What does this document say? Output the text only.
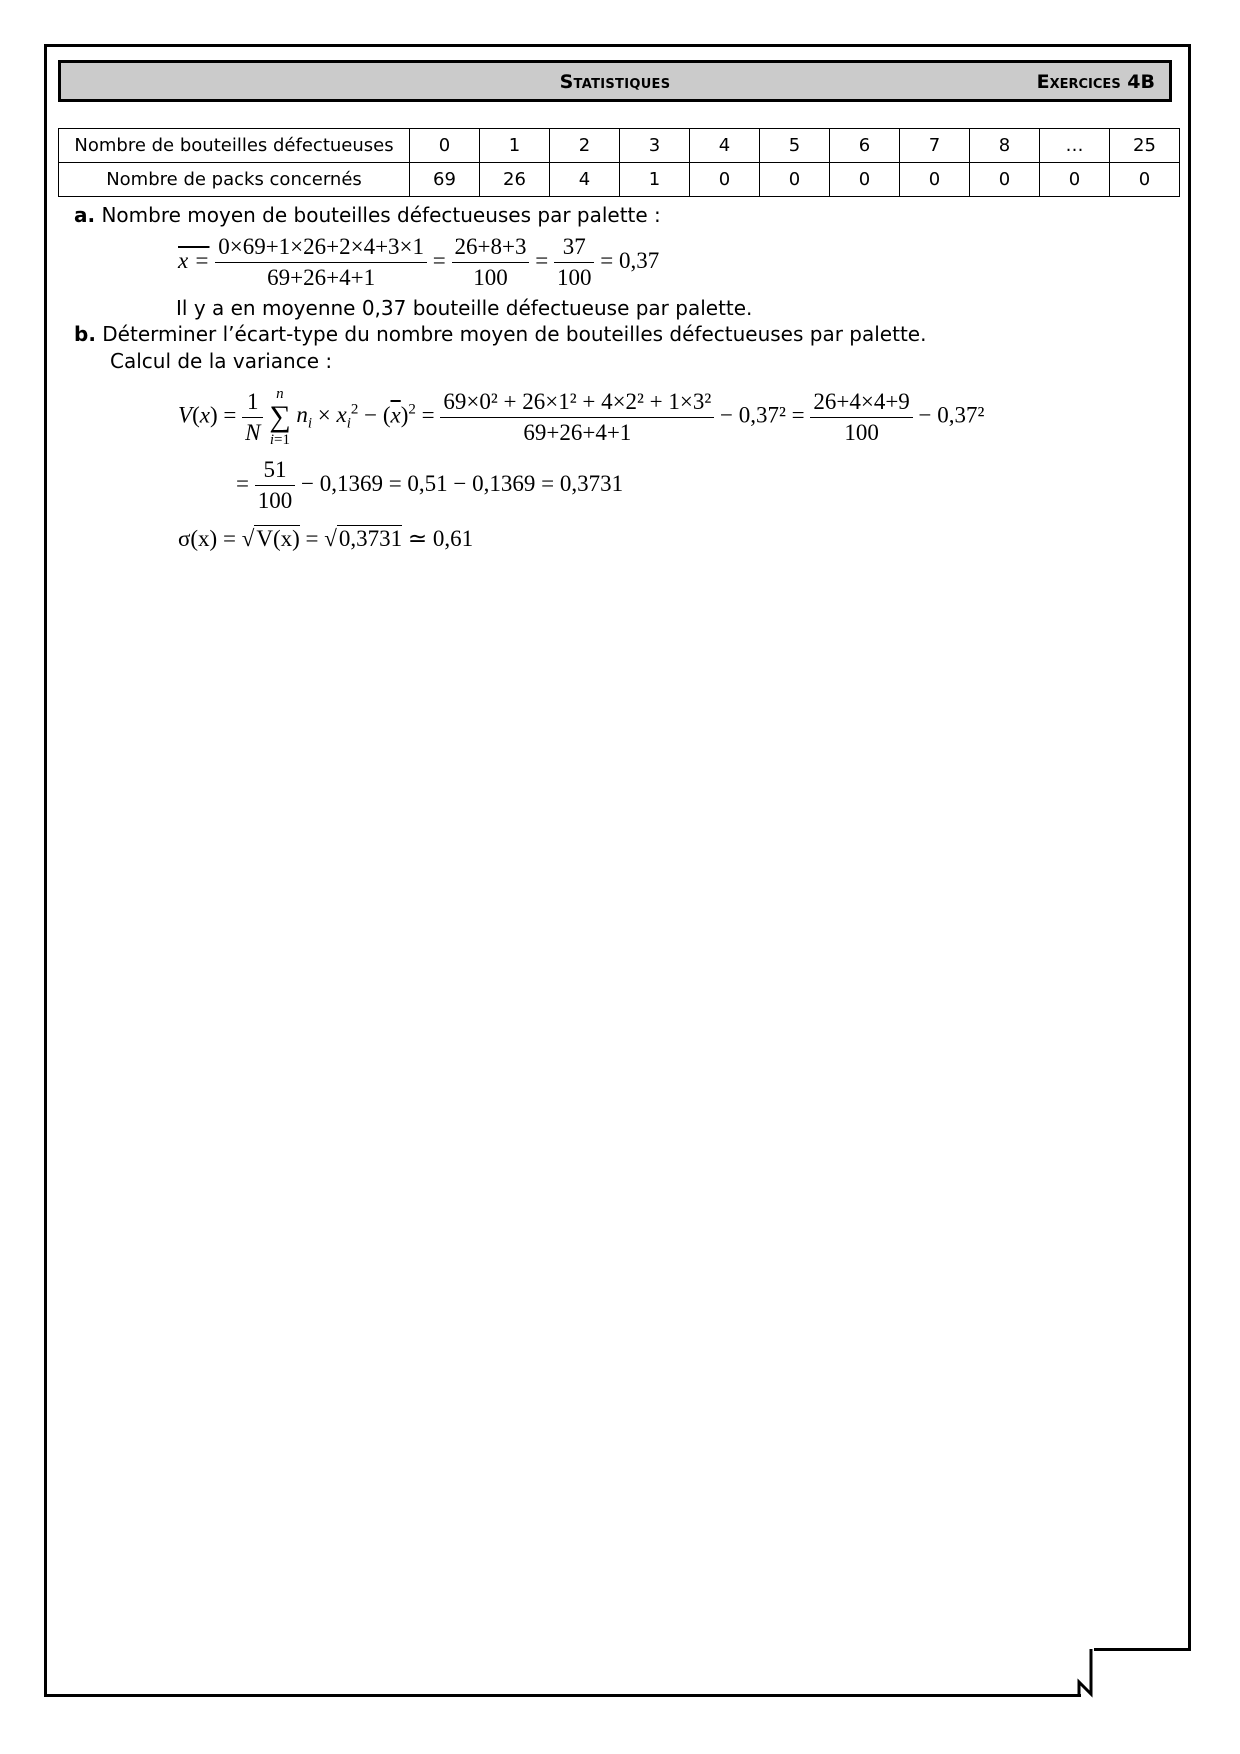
Statistiques	Exercices 4B
Nombre de bouteilles défectueuses	0	1	2	3	4	5	6	7	8	…	25
Nombre de packs concernés	69	26	4	1	0	0	0	0	0	0	0
a. Nombre moyen de bouteilles défectueuses par palette :
$x = \frac{0\times 69+1\times 26+2\times 4+3\times 1}{69+26+4+1} = \frac{26+8+3}{100} = \frac{37}{100} = 0,37$
Il y a en moyenne 0,37 bouteille défectueuse par palette.
b. Déterminer l’écart-type du nombre moyen de bouteilles défectueuses par palette.
Calcul de la variance :
$V(x) = \frac{1}{N}$
n
∑
i=1
$n_i \times x_i^2 - (\overline{x})^2 = \frac{\text{69×0² + 26×1² + 4×2² + 1×3²}}{69+26+4+1} - 0,37^2 = \frac{26+4\times 4+9}{100} - 0,37^2$
= $\frac{51}{100} - 0,1369 = 0,51 - 0,1369 = 0,3731$
σ(x) = √V(x) = √0,3731 ≃ 0,61
